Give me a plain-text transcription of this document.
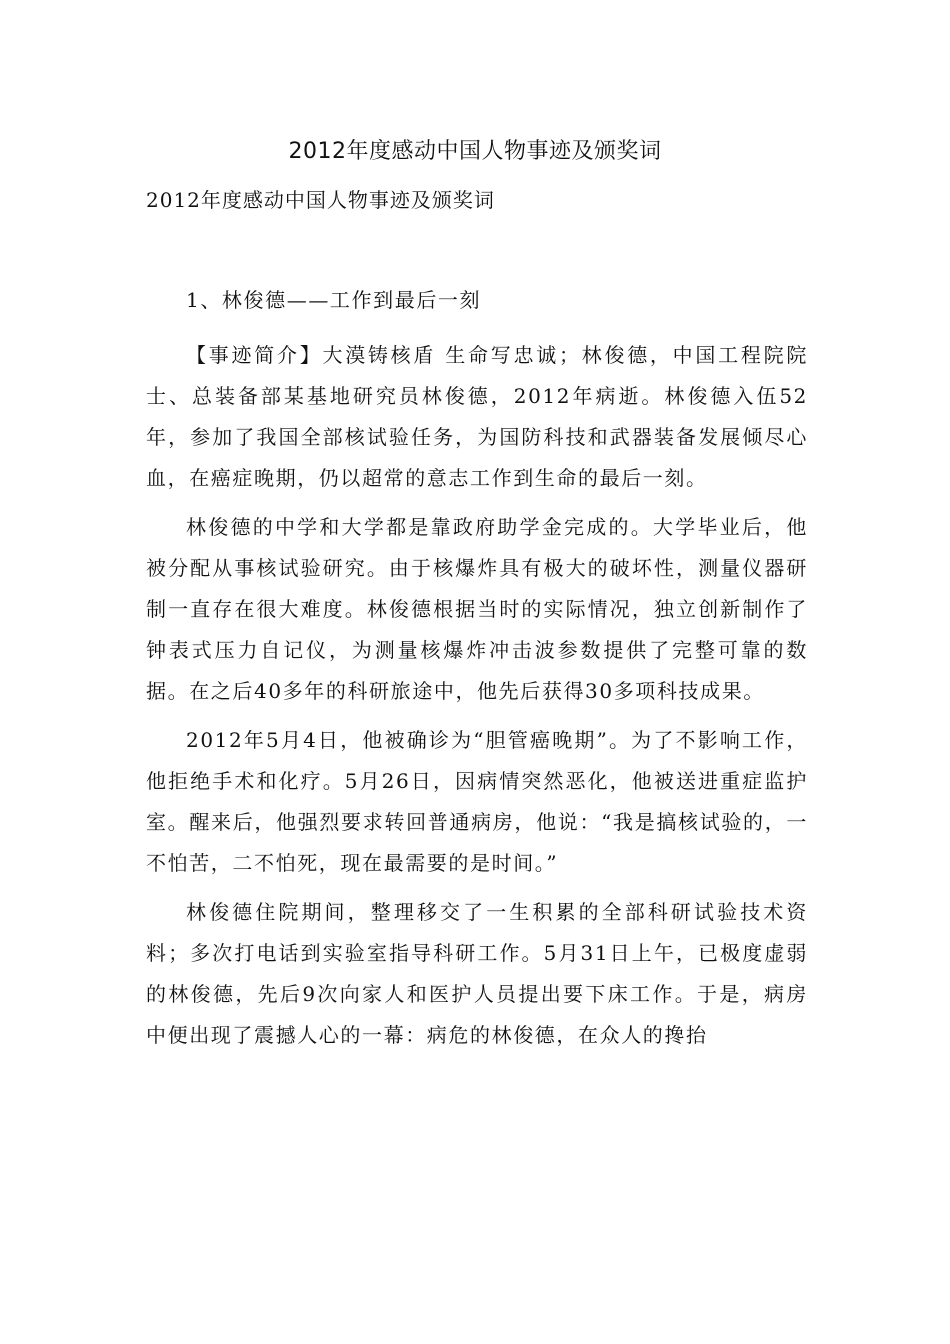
2012年度感动中国人物事迹及颁奖词

2012年度感动中国人物事迹及颁奖词

1、林俊德——工作到最后一刻

【事迹简介】大漠铸核盾 生命写忠诚；林俊德，中国工程院院士、总装备部某基地研究员林俊德，2012年病逝。林俊德入伍52年，参加了我国全部核试验任务，为国防科技和武器装备发展倾尽心血，在癌症晚期，仍以超常的意志工作到生命的最后一刻。

林俊德的中学和大学都是靠政府助学金完成的。大学毕业后，他被分配从事核试验研究。由于核爆炸具有极大的破坏性，测量仪器研制一直存在很大难度。林俊德根据当时的实际情况，独立创新制作了钟表式压力自记仪，为测量核爆炸冲击波参数提供了完整可靠的数据。在之后40多年的科研旅途中，他先后获得30多项科技成果。

2012年5月4日，他被确诊为“胆管癌晚期”。为了不影响工作，他拒绝手术和化疗。5月26日，因病情突然恶化，他被送进重症监护室。醒来后，他强烈要求转回普通病房，他说：“我是搞核试验的，一不怕苦，二不怕死，现在最需要的是时间。”

林俊德住院期间，整理移交了一生积累的全部科研试验技术资料；多次打电话到实验室指导科研工作。5月31日上午，已极度虚弱的林俊德，先后9次向家人和医护人员提出要下床工作。于是，病房中便出现了震撼人心的一幕：病危的林俊德，在众人的搀抬
